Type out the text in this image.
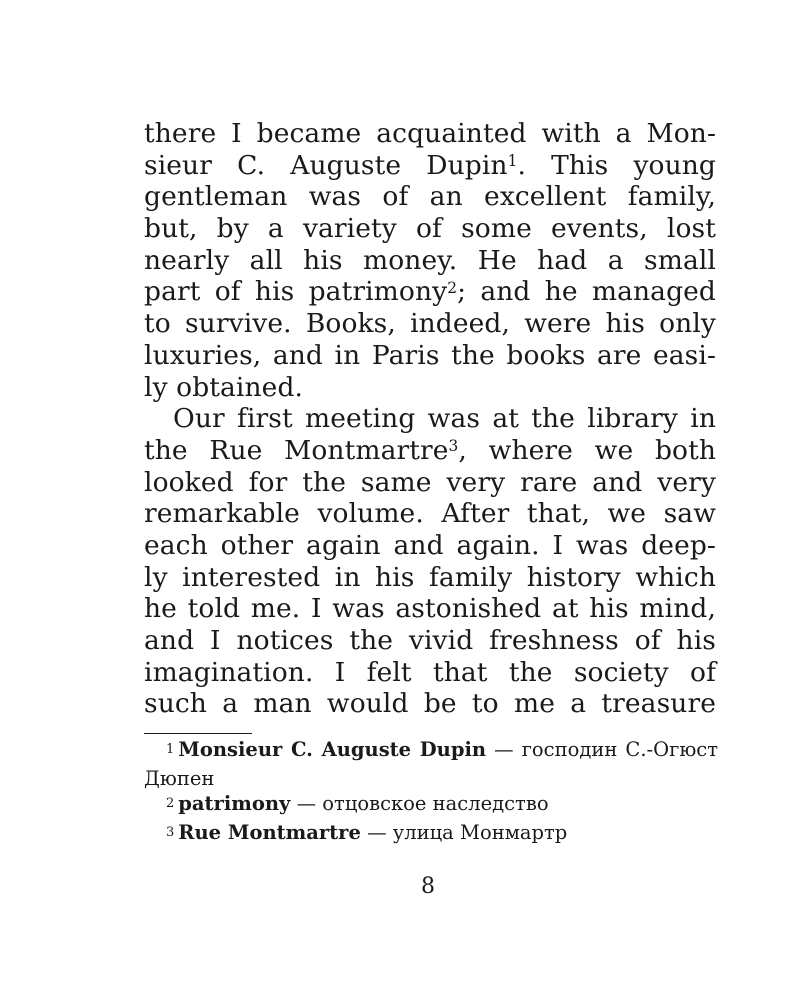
there I became acquainted with a Mon-
sieur C. Auguste Dupin$^1$. This young
gentleman was of an excellent family,
but, by a variety of some events, lost
nearly all his money. He had a small
part of his patrimony$^2$; and he managed
to survive. Books, indeed, were his only
luxuries, and in Paris the books are easi-
ly obtained.
Our first meeting was at the library in
the Rue Montmartre$^3$, where we both
looked for the same very rare and very
remarkable volume. After that, we saw
each other again and again. I was deep-
ly interested in his family history which
he told me. I was astonished at his mind,
and I notices the vivid freshness of his
imagination. I felt that the society of
such a man would be to me a treasure
1 Monsieur C. Auguste Dupin — господин С.-Огюст Дюпен
2 patrimony — отцовское наследство
3 Rue Montmartre — улица Монмартр
8
